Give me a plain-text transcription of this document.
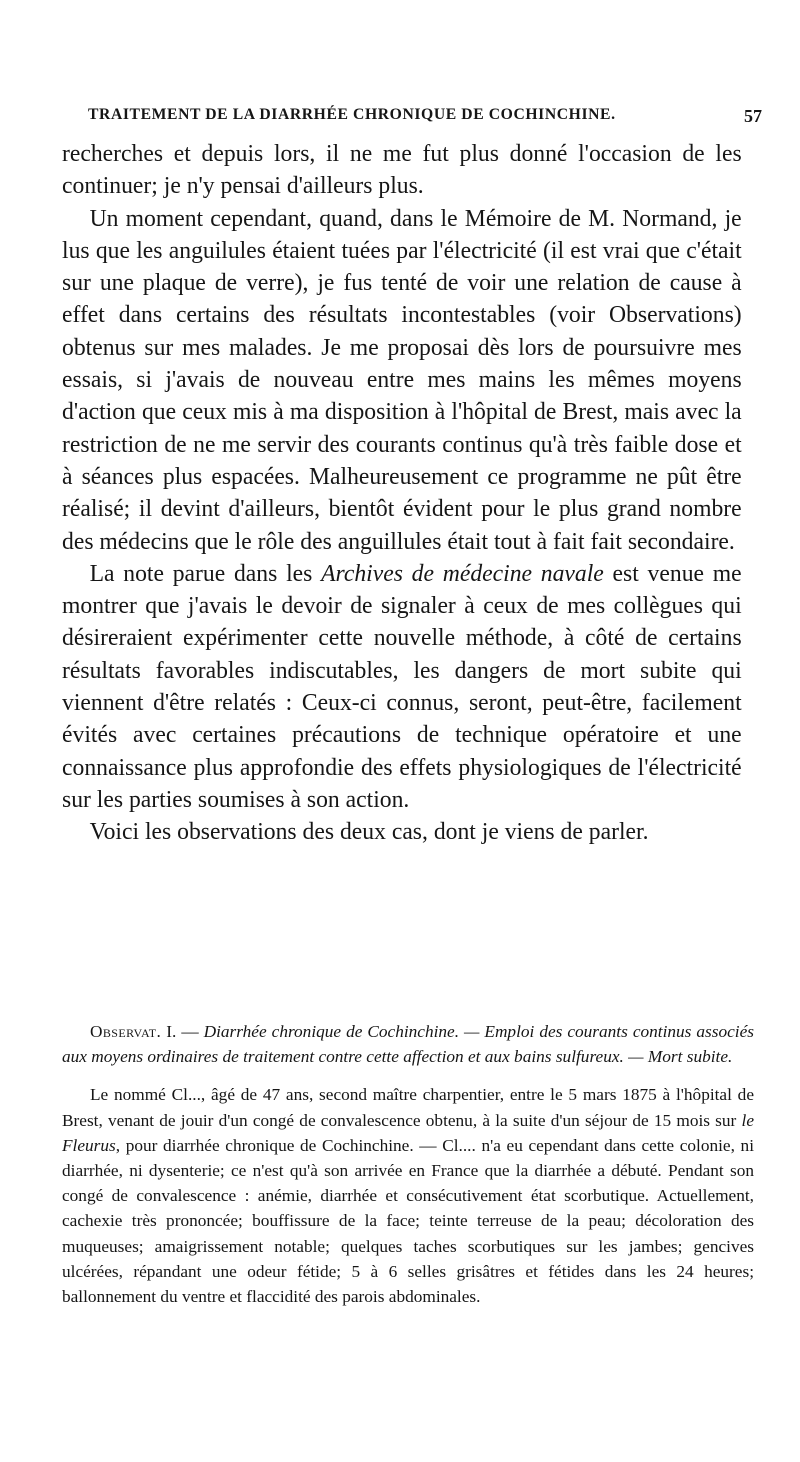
TRAITEMENT DE LA DIARRHÉE CHRONIQUE DE COCHINCHINE.	57

recherches et depuis lors, il ne me fut plus donné l'occasion de les continuer; je n'y pensai d'ailleurs plus.

Un moment cependant, quand, dans le Mémoire de M. Normand, je lus que les anguilules étaient tuées par l'électricité (il est vrai que c'était sur une plaque de verre), je fus tenté de voir une relation de cause à effet dans certains des résultats incontestables (voir Observations) obtenus sur mes malades. Je me proposai dès lors de poursuivre mes essais, si j'avais de nouveau entre mes mains les mêmes moyens d'action que ceux mis à ma disposition à l'hôpital de Brest, mais avec la restriction de ne me servir des courants continus qu'à très faible dose et à séances plus espacées. Malheureusement ce programme ne pût être réalisé; il devint d'ailleurs, bientôt évident pour le plus grand nombre des médecins que le rôle des anguillules était tout à fait fait secondaire.

La note parue dans les Archives de médecine navale est venue me montrer que j'avais le devoir de signaler à ceux de mes collègues qui désireraient expérimenter cette nouvelle méthode, à côté de certains résultats favorables indiscutables, les dangers de mort subite qui viennent d'être relatés : Ceux-ci connus, seront, peut-être, facilement évités avec certaines précautions de technique opératoire et une connaissance plus approfondie des effets physiologiques de l'électricité sur les parties soumises à son action.

Voici les observations des deux cas, dont je viens de parler.

Observat. I. — Diarrhée chronique de Cochinchine. — Emploi des courants continus associés aux moyens ordinaires de traitement contre cette affection et aux bains sulfureux. — Mort subite.

Le nommé Cl..., âgé de 47 ans, second maître charpentier, entre le 5 mars 1875 à l'hôpital de Brest, venant de jouir d'un congé de convalescence obtenu, à la suite d'un séjour de 15 mois sur le Fleurus, pour diarrhée chronique de Cochinchine. — Cl.... n'a eu cependant dans cette colonie, ni diarrhée, ni dysenterie; ce n'est qu'à son arrivée en France que la diarrhée a débuté. Pendant son congé de convalescence : anémie, diarrhée et consécutivement état scorbutique. Actuellement, cachexie très prononcée; bouffissure de la face; teinte terreuse de la peau; décoloration des muqueuses; amaigrissement notable; quelques taches scorbutiques sur les jambes; gencives ulcérées, répandant une odeur fétide; 5 à 6 selles grisâtres et fétides dans les 24 heures; ballonnement du ventre et flaccidité des parois abdominales.
